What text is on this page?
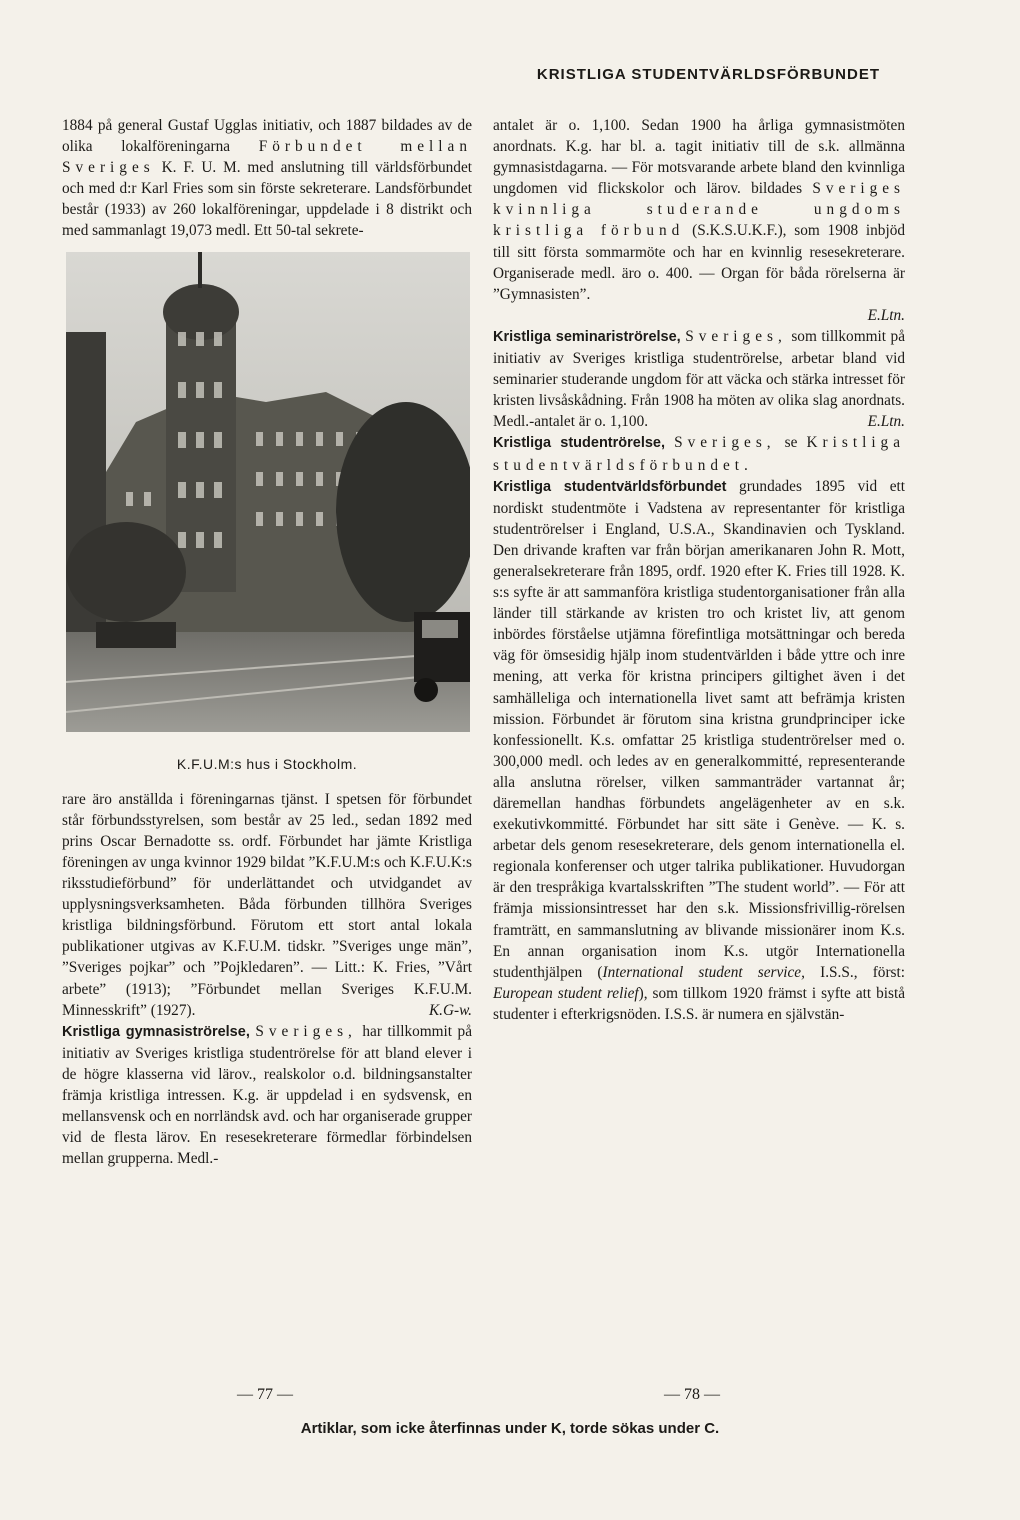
KRISTLIGA STUDENTVÄRLDSFÖRBUNDET

1884 på general Gustaf Ugglas initiativ, och 1887 bildades av de olika lokalföreningarna Förbundet mellan Sveriges K. F. U. M. med anslutning till världsförbundet och med d:r Karl Fries som sin förste sekreterare. Landsförbundet består (1933) av 260 lokalföreningar, uppdelade i 8 distrikt och med sammanlagt 19,073 medl. Ett 50-tal sekrete-

K.F.U.M:s hus i Stockholm.

rare äro anställda i föreningarnas tjänst. I spetsen för förbundet står förbundsstyrelsen, som består av 25 led., sedan 1892 med prins Oscar Bernadotte ss. ordf. Förbundet har jämte Kristliga föreningen av unga kvinnor 1929 bildat ”K.F.U.M:s och K.F.U.K:s riksstudieförbund” för underlättandet och utvidgandet av upplysningsverksamheten. Båda förbunden tillhöra Sveriges kristliga bildningsförbund. Förutom ett stort antal lokala publikationer utgivas av K.F.U.M. tidskr. ”Sveriges unge män”, ”Sveriges pojkar” och ”Pojkledaren”. — Litt.: K. Fries, ”Vårt arbete” (1913); ”Förbundet mellan Sveriges K.F.U.M. Minnesskrift” (1927).	K.G-w.

Kristliga gymnasiströrelse, Sveriges, har tillkommit på initiativ av Sveriges kristliga studentrörelse för att bland elever i de högre klasserna vid lärov., realskolor o.d. bildningsanstalter främja kristliga intressen. K.g. är uppdelad i en sydsvensk, en mellansvensk och en norrländsk avd. och har organiserade grupper vid de flesta lärov. En resesekreterare förmedlar förbindelsen mellan grupperna. Medl.-

antalet är o. 1,100. Sedan 1900 ha årliga gymnasistmöten anordnats. K.g. har bl. a. tagit initiativ till de s.k. allmänna gymnasistdagarna. — För motsvarande arbete bland den kvinnliga ungdomen vid flickskolor och lärov. bildades Sveriges kvinnliga studerande ungdoms kristliga förbund (S.K.S.U.K.F.), som 1908 inbjöd till sitt första sommarmöte och har en kvinnlig resesekreterare. Organiserade medl. äro o. 400. — Organ för båda rörelserna är ”Gymnasisten”.

E.Ltn.

Kristliga seminariströrelse, Sveriges, som tillkommit på initiativ av Sveriges kristliga studentrörelse, arbetar bland vid seminarier studerande ungdom för att väcka och stärka intresset för kristen livsåskådning. Från 1908 ha möten av olika slag anordnats. Medl.-antalet är o. 1,100.	E.Ltn.

Kristliga studentrörelse, Sveriges, se Kristliga studentvärldsförbundet.

Kristliga studentvärldsförbundet grundades 1895 vid ett nordiskt studentmöte i Vadstena av representanter för kristliga studentrörelser i England, U.S.A., Skandinavien och Tyskland. Den drivande kraften var från början amerikanaren John R. Mott, generalsekreterare från 1895, ordf. 1920 efter K. Fries till 1928. K. s:s syfte är att sammanföra kristliga studentorganisationer från alla länder till stärkande av kristen tro och kristet liv, att genom inbördes förståelse utjämna förefintliga motsättningar och bereda väg för ömsesidig hjälp inom studentvärlden i både yttre och inre mening, att verka för kristna principers giltighet även i det samhälleliga och internationella livet samt att befrämja kristen mission. Förbundet är förutom sina kristna grundprinciper icke konfessionellt. K.s. omfattar 25 kristliga studentrörelser med o. 300,000 medl. och ledes av en generalkommitté, representerande alla anslutna rörelser, vilken sammanträder vartannat år; däremellan handhas förbundets angelägenheter av en s.k. exekutivkommitté. Förbundet har sitt säte i Genève. — K. s. arbetar dels genom resesekreterare, dels genom internationella el. regionala konferenser och utger talrika publikationer. Huvudorgan är den trespråkiga kvartalsskriften ”The student world”. — För att främja missionsintresset har den s.k. Missionsfrivillig-rörelsen framträtt, en sammanslutning av blivande missionärer inom K.s. En annan organisation inom K.s. utgör Internationella studenthjälpen (International student service, I.S.S., först: European student relief), som tillkom 1920 främst i syfte att bistå studenter i efterkrigsnöden. I.S.S. är numera en självstän-

— 77 —	— 78 —
Artiklar, som icke återfinnas under K, torde sökas under C.
